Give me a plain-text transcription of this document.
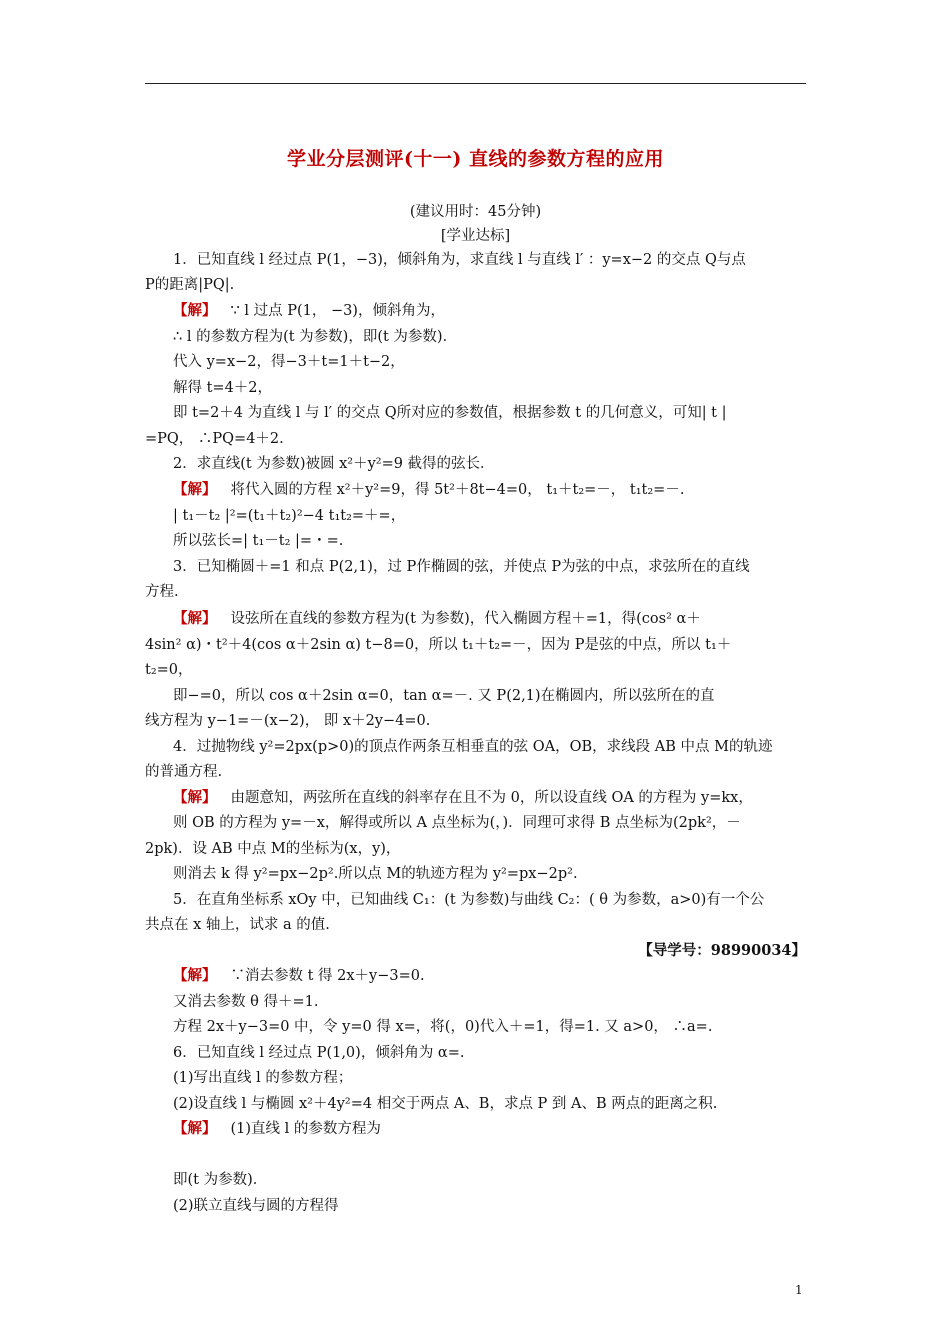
学业分层测评(十一) 直线的参数方程的应用
(建议用时：45分钟)
[学业达标]
1．已知直线 l 经过点 P(1，−3)，倾斜角为，求直线 l 与直线 l′ ：y=x−2 的交点 Q与点
P的距离|PQ|.
【解】 ∵ l 过点 P(1， −3)，倾斜角为，
∴ l 的参数方程为(t 为参数)，即(t 为参数)．
代入 y=x−2，得−3＋t=1＋t−2，
解得 t=4＋2，
即 t=2＋4 为直线 l 与 l′ 的交点 Q所对应的参数值，根据参数 t 的几何意义，可知| t |
=PQ， ∴PQ=4＋2.
2．求直线(t 为参数)被圆 x²＋y²=9 截得的弦长．
【解】 将代入圆的方程 x²＋y²=9，得 5t²＋8t−4=0， t₁＋t₂=－， t₁t₂=－.
| t₁－t₂ |²=(t₁＋t₂)²−4 t₁t₂=＋=，
所以弦长=| t₁－t₂ |=・=.
3．已知椭圆＋=1 和点 P(2,1)，过 P作椭圆的弦，并使点 P为弦的中点，求弦所在的直线
方程.
【解】 设弦所在直线的参数方程为(t 为参数)，代入椭圆方程＋=1，得(cos² α＋
4sin² α)・t²＋4(cos α＋2sin α) t−8=0，所以 t₁＋t₂=－，因为 P是弦的中点，所以 t₁＋
t₂=0，
即−=0，所以 cos α＋2sin α=0，tan α=－. 又 P(2,1)在椭圆内，所以弦所在的直
线方程为 y−1=－(x−2)， 即 x＋2y−4=0.
4．过抛物线 y²=2px(p>0)的顶点作两条互相垂直的弦 OA，OB，求线段 AB 中点 M的轨迹
的普通方程.
【解】 由题意知，两弦所在直线的斜率存在且不为 0，所以设直线 OA 的方程为 y=kx，
则 OB 的方程为 y=－x，解得或所以 A 点坐标为(，)．同理可求得 B 点坐标为(2pk²，－
2pk)．设 AB 中点 M的坐标为(x，y)，
则消去 k 得 y²=px−2p².所以点 M的轨迹方程为 y²=px−2p².
5．在直角坐标系 xOy 中，已知曲线 C₁：(t 为参数)与曲线 C₂：( θ 为参数，a>0)有一个公
共点在 x 轴上，试求 a 的值.
【导学号：98990034】
【解】 ∵消去参数 t 得 2x＋y−3=0.
又消去参数 θ 得＋=1.
方程 2x＋y−3=0 中，令 y=0 得 x=，将(，0)代入＋=1，得=1. 又 a>0， ∴a=.
6．已知直线 l 经过点 P(1,0)，倾斜角为 α=.
(1)写出直线 l 的参数方程；
(2)设直线 l 与椭圆 x²＋4y²=4 相交于两点 A、B，求点 P 到 A、B 两点的距离之积.
【解】 (1)直线 l 的参数方程为
即(t 为参数)．
(2)联立直线与圆的方程得
1
